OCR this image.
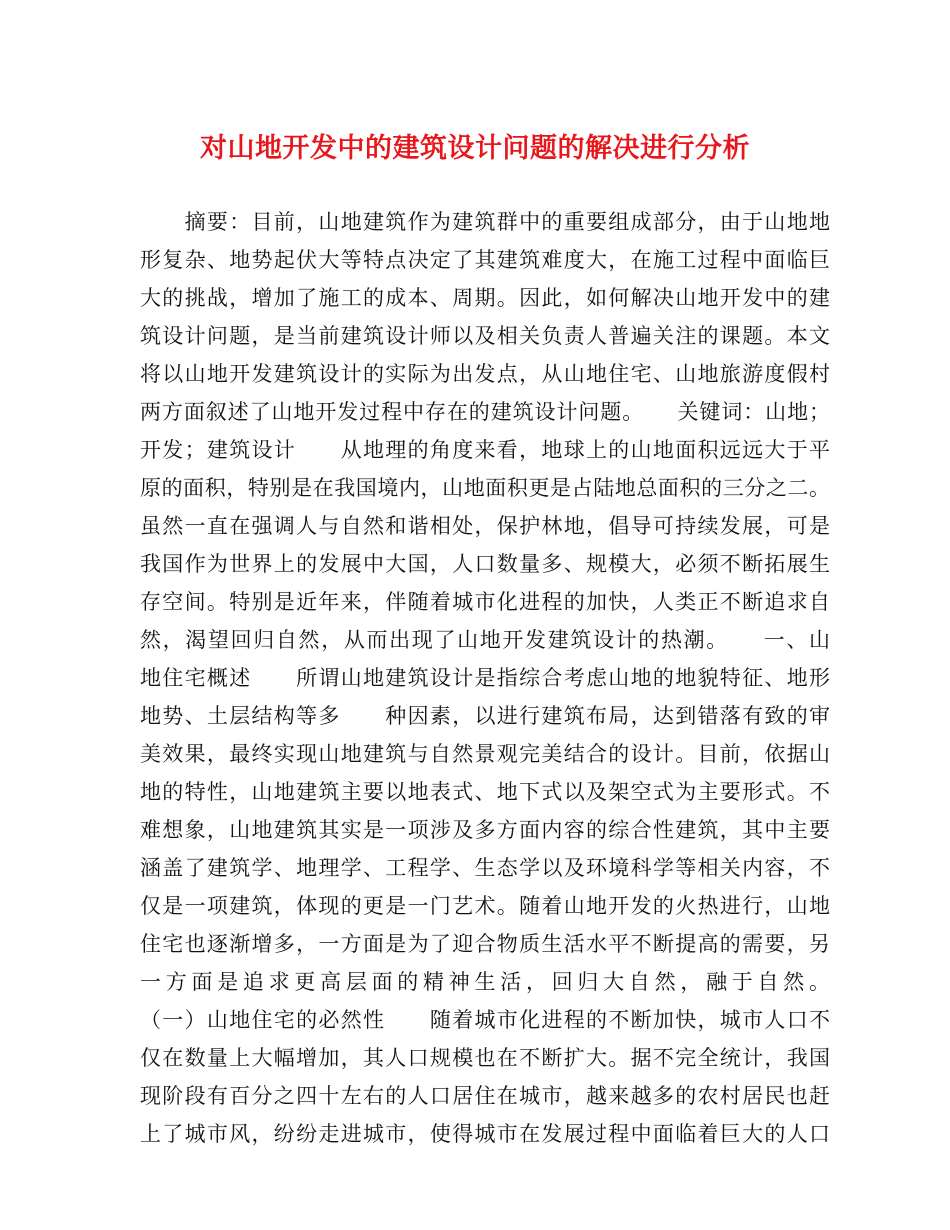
对山地开发中的建筑设计问题的解决进行分析
　　摘要：目前，山地建筑作为建筑群中的重要组成部分，由于山地地
形复杂、地势起伏大等特点决定了其建筑难度大，在施工过程中面临巨
大的挑战，增加了施工的成本、周期。因此，如何解决山地开发中的建
筑设计问题，是当前建筑设计师以及相关负责人普遍关注的课题。本文
将以山地开发建筑设计的实际为出发点，从山地住宅、山地旅游度假村
两方面叙述了山地开发过程中存在的建筑设计问题。　　关键词：山地；
开发；建筑设计　　从地理的角度来看，地球上的山地面积远远大于平
原的面积，特别是在我国境内，山地面积更是占陆地总面积的三分之二。
虽然一直在强调人与自然和谐相处，保护林地，倡导可持续发展，可是
我国作为世界上的发展中大国，人口数量多、规模大，必须不断拓展生
存空间。特别是近年来，伴随着城市化进程的加快，人类正不断追求自
然，渴望回归自然，从而出现了山地开发建筑设计的热潮。　　一、山
地住宅概述　　所谓山地建筑设计是指综合考虑山地的地貌特征、地形
地势、土层结构等多　　种因素，以进行建筑布局，达到错落有致的审
美效果，最终实现山地建筑与自然景观完美结合的设计。目前，依据山
地的特性，山地建筑主要以地表式、地下式以及架空式为主要形式。不
难想象，山地建筑其实是一项涉及多方面内容的综合性建筑，其中主要
涵盖了建筑学、地理学、工程学、生态学以及环境科学等相关内容，不
仅是一项建筑，体现的更是一门艺术。随着山地开发的火热进行，山地
住宅也逐渐增多，一方面是为了迎合物质生活水平不断提高的需要，另
一方面是追求更高层面的精神生活，回归大自然，融于自然。
（一）山地住宅的必然性　　随着城市化进程的不断加快，城市人口不
仅在数量上大幅增加，其人口规模也在不断扩大。据不完全统计，我国
现阶段有百分之四十左右的人口居住在城市，越来越多的农村居民也赶
上了城市风，纷纷走进城市，使得城市在发展过程中面临着巨大的人口
